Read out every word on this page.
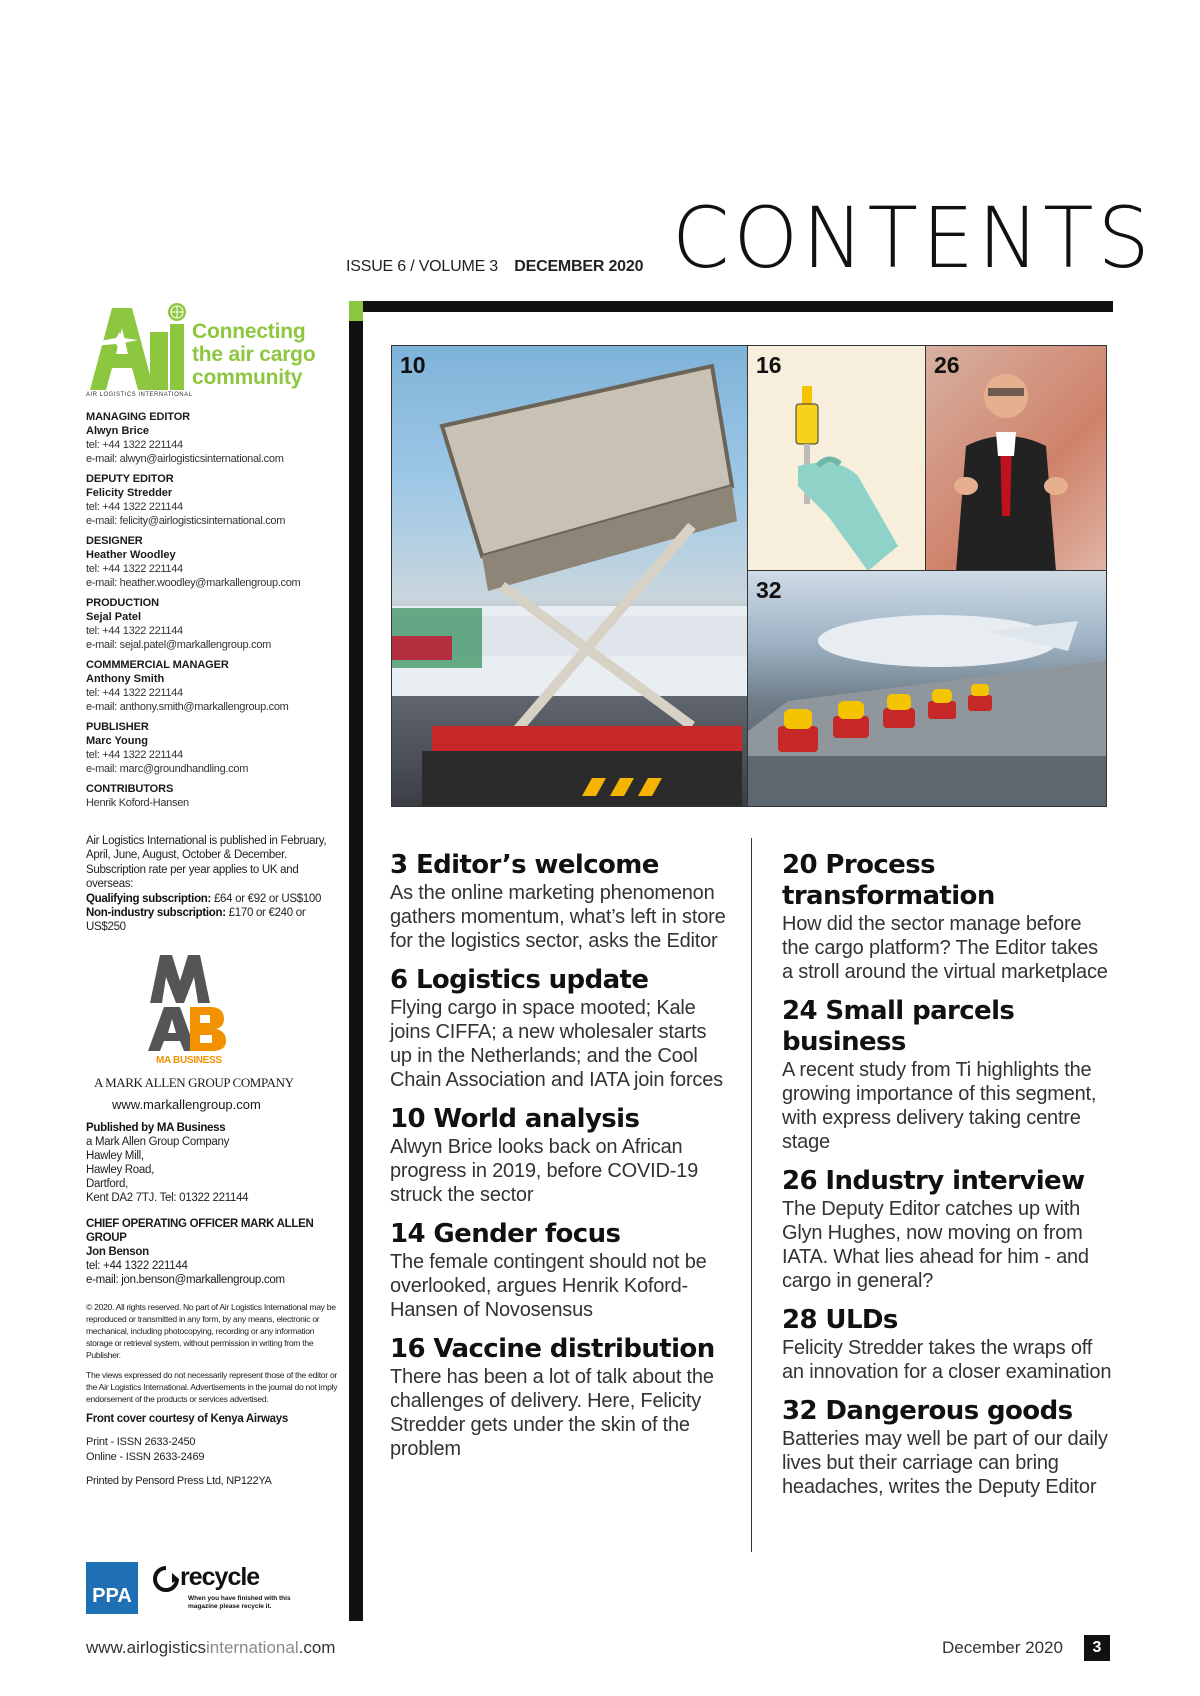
ISSUE 6 / VOLUME 3 DECEMBER 2020 CONTENTS
Connecting
the air cargo
community
AIR LOGISTICS INTERNATIONAL
MANAGING EDITOR
Alwyn Brice
tel: +44 1322 221144
e-mail: alwyn@airlogisticsinternational.com
DEPUTY EDITOR
Felicity Stredder
tel: +44 1322 221144
e-mail: felicity@airlogisticsinternational.com
DESIGNER
Heather Woodley
tel: +44 1322 221144
e-mail: heather.woodley@markallengroup.com
PRODUCTION
Sejal Patel
tel: +44 1322 221144
e-mail: sejal.patel@markallengroup.com
COMMMERCIAL MANAGER
Anthony Smith
tel: +44 1322 221144
e-mail: anthony.smith@markallengroup.com
PUBLISHER
Marc Young
tel: +44 1322 221144
e-mail: marc@groundhandling.com
CONTRIBUTORS
Henrik Koford-Hansen
Air Logistics International is published in February, April, June, August, October & December. Subscription rate per year applies to UK and overseas:
Qualifying subscription: £64 or €92 or US$100
Non-industry subscription: £170 or €240 or US$250
MA BUSINESS
A MARK ALLEN GROUP COMPANY
www.markallengroup.com
Published by MA Business
a Mark Allen Group Company
Hawley Mill,
Hawley Road,
Dartford,
Kent DA2 7TJ. Tel: 01322 221144
CHIEF OPERATING OFFICER MARK ALLEN GROUP
Jon Benson
tel: +44 1322 221144
e-mail: jon.benson@markallengroup.com

© 2020. All rights reserved. No part of Air Logistics International may be reproduced or transmitted in any form, by any means, electronic or mechanical, including photocopying, recording or any information storage or retrieval system, without permission in writing from the Publisher.

The views expressed do not necessarily represent those of the editor or the Air Logistics International. Advertisements in the journal do not imply endorsement of the products or services advertised.

Front cover courtesy of Kenya Airways
Print - ISSN 2633-2450
Online - ISSN 2633-2469
Printed by Pensord Press Ltd, NP122YA
PPA
recycle
When you have finished with this magazine please recycle it.
10	16	26
32
3 Editor’s welcome
As the online marketing phenomenon gathers momentum, what’s left in store for the logistics sector, asks the Editor
6 Logistics update
Flying cargo in space mooted; Kale joins CIFFA; a new wholesaler starts up in the Netherlands; and the Cool Chain Association and IATA join forces
10 World analysis
Alwyn Brice looks back on African progress in 2019, before COVID-19 struck the sector
14 Gender focus
The female contingent should not be overlooked, argues Henrik Koford-Hansen of Novosensus
16 Vaccine distribution
There has been a lot of talk about the challenges of delivery. Here, Felicity Stredder gets under the skin of the problem
20 Process transformation
How did the sector manage before the cargo platform? The Editor takes a stroll around the virtual marketplace
24 Small parcels business
A recent study from Ti highlights the growing importance of this segment, with express delivery taking centre stage
26 Industry interview
The Deputy Editor catches up with Glyn Hughes, now moving on from IATA. What lies ahead for him - and cargo in general?
28 ULDs
Felicity Stredder takes the wraps off an innovation for a closer examination
32 Dangerous goods
Batteries may well be part of our daily lives but their carriage can bring headaches, writes the Deputy Editor
www.airlogisticsinternational.com	December 2020	3
